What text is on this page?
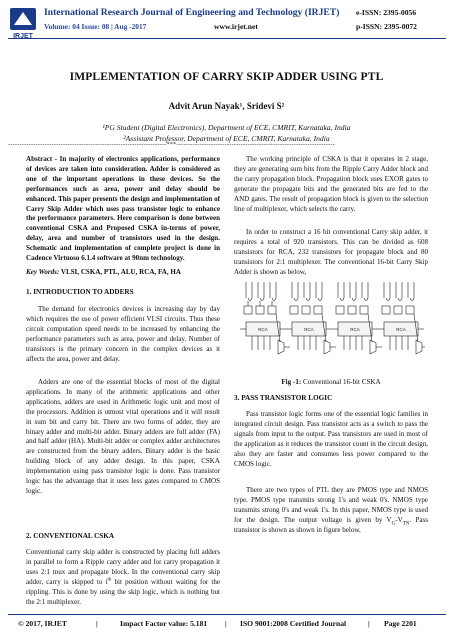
IRJET
International Research Journal of Engineering and Technology (IRJET)
Volume: 04 Issue: 08 | Aug -2017	www.irjet.net
e-ISSN: 2395-0056
p-ISSN: 2395-0072
IMPLEMENTATION OF CARRY SKIP ADDER USING PTL
Advit Arun Nayak¹, Sridevi S²
¹PG Student (Digital Electronics), Department of ECE, CMRIT, Karnataka, India
²Assistant Professor, Department of ECE, CMRIT, Karnataka, India
---------------------------------------------------------------------***---------------------------------------------------------------------

Abstract - In majority of electronics applications, performance of devices are taken into consideration. Adder is considered as one of the important operations in these devices. So the performances such as area, power and delay should be enhanced. This paper presents the design and implementation of Carry Skip Adder which uses pass transistor logic to enhance the performance parameters. Here comparison is done between conventional CSKA and Proposed CSKA in-terms of power, delay, area and number of transistors used in the design. Schematic and implementation of complete project is done in Cadence Virtuoso 6.1.4 software at 90nm technology.

Key Words: VLSI, CSKA, PTL, ALU, RCA, FA, HA

1. INTRODUCTION TO ADDERS

The demand for electronics devices is increasing day by day which requires the use of power efficient VLSI circuits. Thus these circuit computation speed needs to be increased by enhancing the performance parameters such as area, power and delay. Number of transistors is the primary concern in the complex devices as it affects the area, power and delay.

Adders are one of the essential blocks of most of the digital applications. In many of the arithmetic applications and other applications, adders are used in Arithmetic logic unit and most of the processors. Addition is utmost vital operations and it will result in sum bit and carry bit. There are two forms of adder, they are binary adder and multi-bit adder. Binary adders are full adder (FA) and half adder (HA). Multi-bit adder or complex adder architectures are constructed from the binary adders. Binary adder is the basic building block of any adder design. In this paper, CSKA implementation using pass transistor logic is done. Pass transistor logic has the advantage that it uses less gates compared to CMOS logic.

2. CONVENTIONAL CSKA

Conventional carry skip adder is constructed by placing full adders in parallel to form a Ripple carry adder and for carry propagation it uses 2:1 mux and propagate block. In the conventional carry skip adder, carry is skipped to $i^{th}$ bit position without waiting for the rippling. This is done by using the skip logic, which is nothing but the 2:1 multiplexer.

The working principle of CSKA is that it operates in 2 stage, they are generating sum bits from the Ripple Carry Adder block and the carry propagation block. Propagation block uses EXOR gates to generate the propagate bits and the generated bits are fed to the AND gates. The result of propagation block is given to the selection line of multiplexer, which selects the carry.

In order to construct a 16 bit conventional Carry skip adder, it requires a total of 920 transistors. This can be divided as 608 transistors for RCA, 232 transistors for propagate block and 80 transistors for 2:1 multiplexer. The conventional 16-bit Carry Skip Adder is shown as below,

RCA	RCA	RCA	RCA
Fig -1: Conventional 16-bit CSKA
3. PASS TRANSISTOR LOGIC

Pass transistor logic forms one of the essential logic families in integrated circuit design. Pass transistor acts as a switch to pass the signals from input to the output. Pass transistors are used in most of the application as it reduces the transistor count in the circuit design, also they are faster and consumes less power compared to the CMOS logic.

There are two types of PTL they are PMOS type and NMOS type. PMOS type transmits strong 1's and weak 0's. NMOS type transmits strong 0's and weak 1's. In this paper, NMOS type is used for the design. The output voltage is given by $V_G-V_{TN}$. Pass transistor is shown as shown in figure below,

© 2017, IRJET	|	Impact Factor value: 5.181 | ISO 9001:2008 Certified Journal	| Page 2201
